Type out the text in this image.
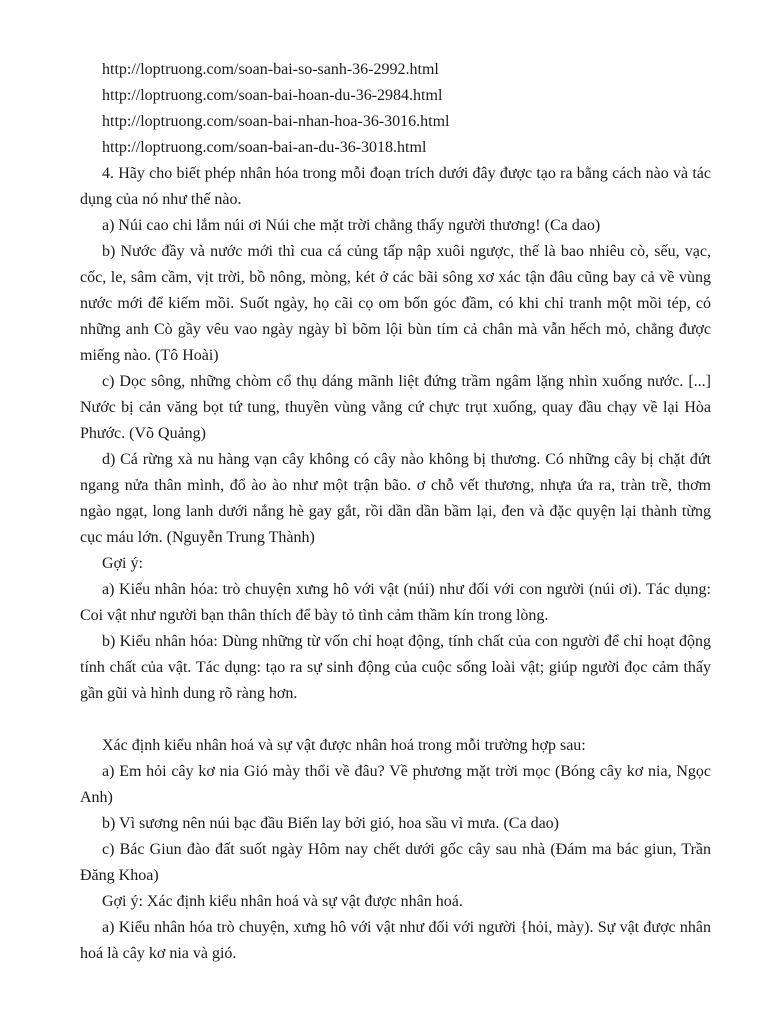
http://loptruong.com/soan-bai-so-sanh-36-2992.html

http://loptruong.com/soan-bai-hoan-du-36-2984.html

http://loptruong.com/soan-bai-nhan-hoa-36-3016.html

http://loptruong.com/soan-bai-an-du-36-3018.html

4. Hãy cho biết phép nhân hóa trong mỗi đoạn trích dưới đây được tạo ra bằng cách nào và tác dụng của nó như thế nào.

a) Núi cao chi lắm núi ơi Núi che mặt trời chẳng thấy người thương! (Ca dao)

b) Nước đầy và nước mới thì cua cá củng tấp nập xuôi ngược, thế là bao nhiêu cò, sếu, vạc, cốc, le, sâm cầm, vịt trời, bồ nông, mòng, két ở các bãi sông xơ xác tận đâu cũng bay cả về vùng nước mới để kiếm mồi. Suốt ngày, họ cãi cọ om bốn góc đầm, có khi chỉ tranh một mồi tép, có những anh Cò gầy vêu vao ngày ngày bì bõm lội bùn tím cả chân mà vẫn hếch mỏ, chẳng được miếng nào. (Tô Hoài)

c) Dọc sông, những chòm cổ thụ dáng mãnh liệt đứng trầm ngâm lặng nhìn xuống nước. [...] Nước bị cản văng bọt tứ tung, thuyền vùng vằng cứ chực trụt xuống, quay đầu chạy về lại Hòa Phước. (Võ Quảng)

d) Cá rừng xà nu hàng vạn cây không có cây nào không bị thương. Có những cây bị chặt đứt ngang nửa thân mình, đổ ào ào như một trận bão. ơ chỗ vết thương, nhựa ứa ra, tràn trề, thơm ngào ngạt, long lanh dưới nắng hè gay gắt, rồi dần dần bầm lại, đen và đặc quyện lại thành từng cục máu lớn. (Nguyễn Trung Thành)

Gợi ý:

a) Kiểu nhân hóa: trò chuyện xưng hô với vật (núi) như đối với con người (núi ơi). Tác dụng: Coi vật như người bạn thân thích để bày tỏ tình cảm thầm kín trong lòng.

b) Kiểu nhân hóa: Dùng những từ vốn chỉ hoạt động, tính chất của con người để chỉ hoạt động tính chất của vật. Tác dụng: tạo ra sự sinh động của cuộc sống loài vật; giúp người đọc cảm thấy gần gũi và hình dung rõ ràng hơn.

Xác định kiểu nhân hoá và sự vật được nhân hoá trong mỗi trường hợp sau:

a) Em hỏi cây kơ nia Gió mày thổi về đâu? Về phương mặt trời mọc (Bóng cây kơ nia, Ngọc Anh)

b) Vì sương nên núi bạc đầu Biển lay bởi gió, hoa sầu vì mưa. (Ca dao)

c) Bác Giun đào đất suốt ngày Hôm nay chết dưới gốc cây sau nhà (Đám ma bác giun, Trần Đăng Khoa)

Gợi ý: Xác định kiểu nhân hoá và sự vật được nhân hoá.

a) Kiểu nhân hóa trò chuyện, xưng hô với vật như đối với người {hỏi, mày). Sự vật được nhân hoá là cây kơ nia và gió.
